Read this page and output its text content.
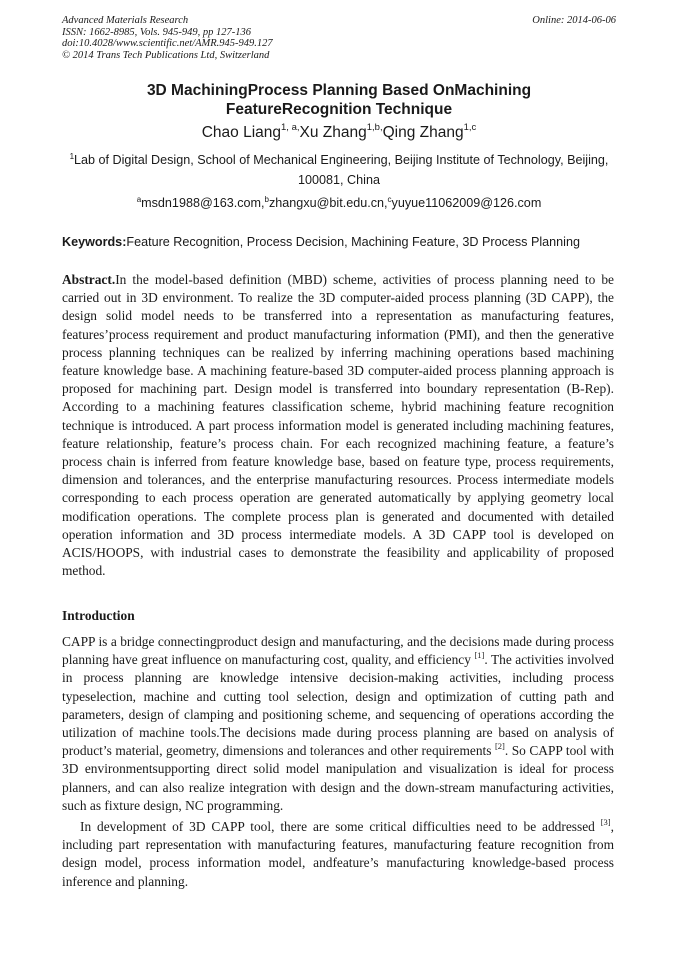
Advanced Materials Research
ISSN: 1662-8985, Vols. 945-949, pp 127-136
doi:10.4028/www.scientific.net/AMR.945-949.127
© 2014 Trans Tech Publications Ltd, Switzerland
Online: 2014-06-06
3D MachiningProcess Planning Based OnMachining
FeatureRecognition Technique
Chao Liang$^{1, a,}$Xu Zhang$^{1,b,}$Qing Zhang$^{1,c}$
$^1$Lab of Digital Design, School of Mechanical Engineering, Beijing Institute of Technology, Beijing,
100081, China
$^a$msdn1988@163.com,$^b$zhangxu@bit.edu.cn,$^c$yuyue11062009@126.com
Keywords:Feature Recognition, Process Decision, Machining Feature, 3D Process Planning
Abstract.In the model-based definition (MBD) scheme, activities of process planning need to be carried out in 3D environment. To realize the 3D computer-aided process planning (3D CAPP), the design solid model needs to be transferred into a representation as manufacturing features, features’process requirement and product manufacturing information (PMI), and then the generative process planning techniques can be realized by inferring machining operations based machining feature knowledge base. A machining feature-based 3D computer-aided process planning approach is proposed for machining part. Design model is transferred into boundary representation (B-Rep). According to a machining features classification scheme, hybrid machining feature recognition technique is introduced. A part process information model is generated including machining features, feature relationship, feature’s process chain. For each recognized machining feature, a feature’s process chain is inferred from feature knowledge base, based on feature type, process requirements, dimension and tolerances, and the enterprise manufacturing resources. Process intermediate models corresponding to each process operation are generated automatically by applying geometry local modification operations. The complete process plan is generated and documented with detailed operation information and 3D process intermediate models. A 3D CAPP tool is developed on ACIS/HOOPS, with industrial cases to demonstrate the feasibility and applicability of proposed method.
Introduction
CAPP is a bridge connectingproduct design and manufacturing, and the decisions made during process planning have great influence on manufacturing cost, quality, and efficiency [1]. The activities involved in process planning are knowledge intensive decision-making activities, including process typeselection, machine and cutting tool selection, design and optimization of cutting path and parameters, design of clamping and positioning scheme, and sequencing of operations according the utilization of machine tools.The decisions made during process planning are based on analysis of product’s material, geometry, dimensions and tolerances and other requirements [2]. So CAPP tool with 3D environmentsupporting direct solid model manipulation and visualization is ideal for process planners, and can also realize integration with design and the down-stream manufacturing activities, such as fixture design, NC programming.
In development of 3D CAPP tool, there are some critical difficulties need to be addressed [3], including part representation with manufacturing features, manufacturing feature recognition from design model, process information model, andfeature’s manufacturing knowledge-based process inference and planning.
